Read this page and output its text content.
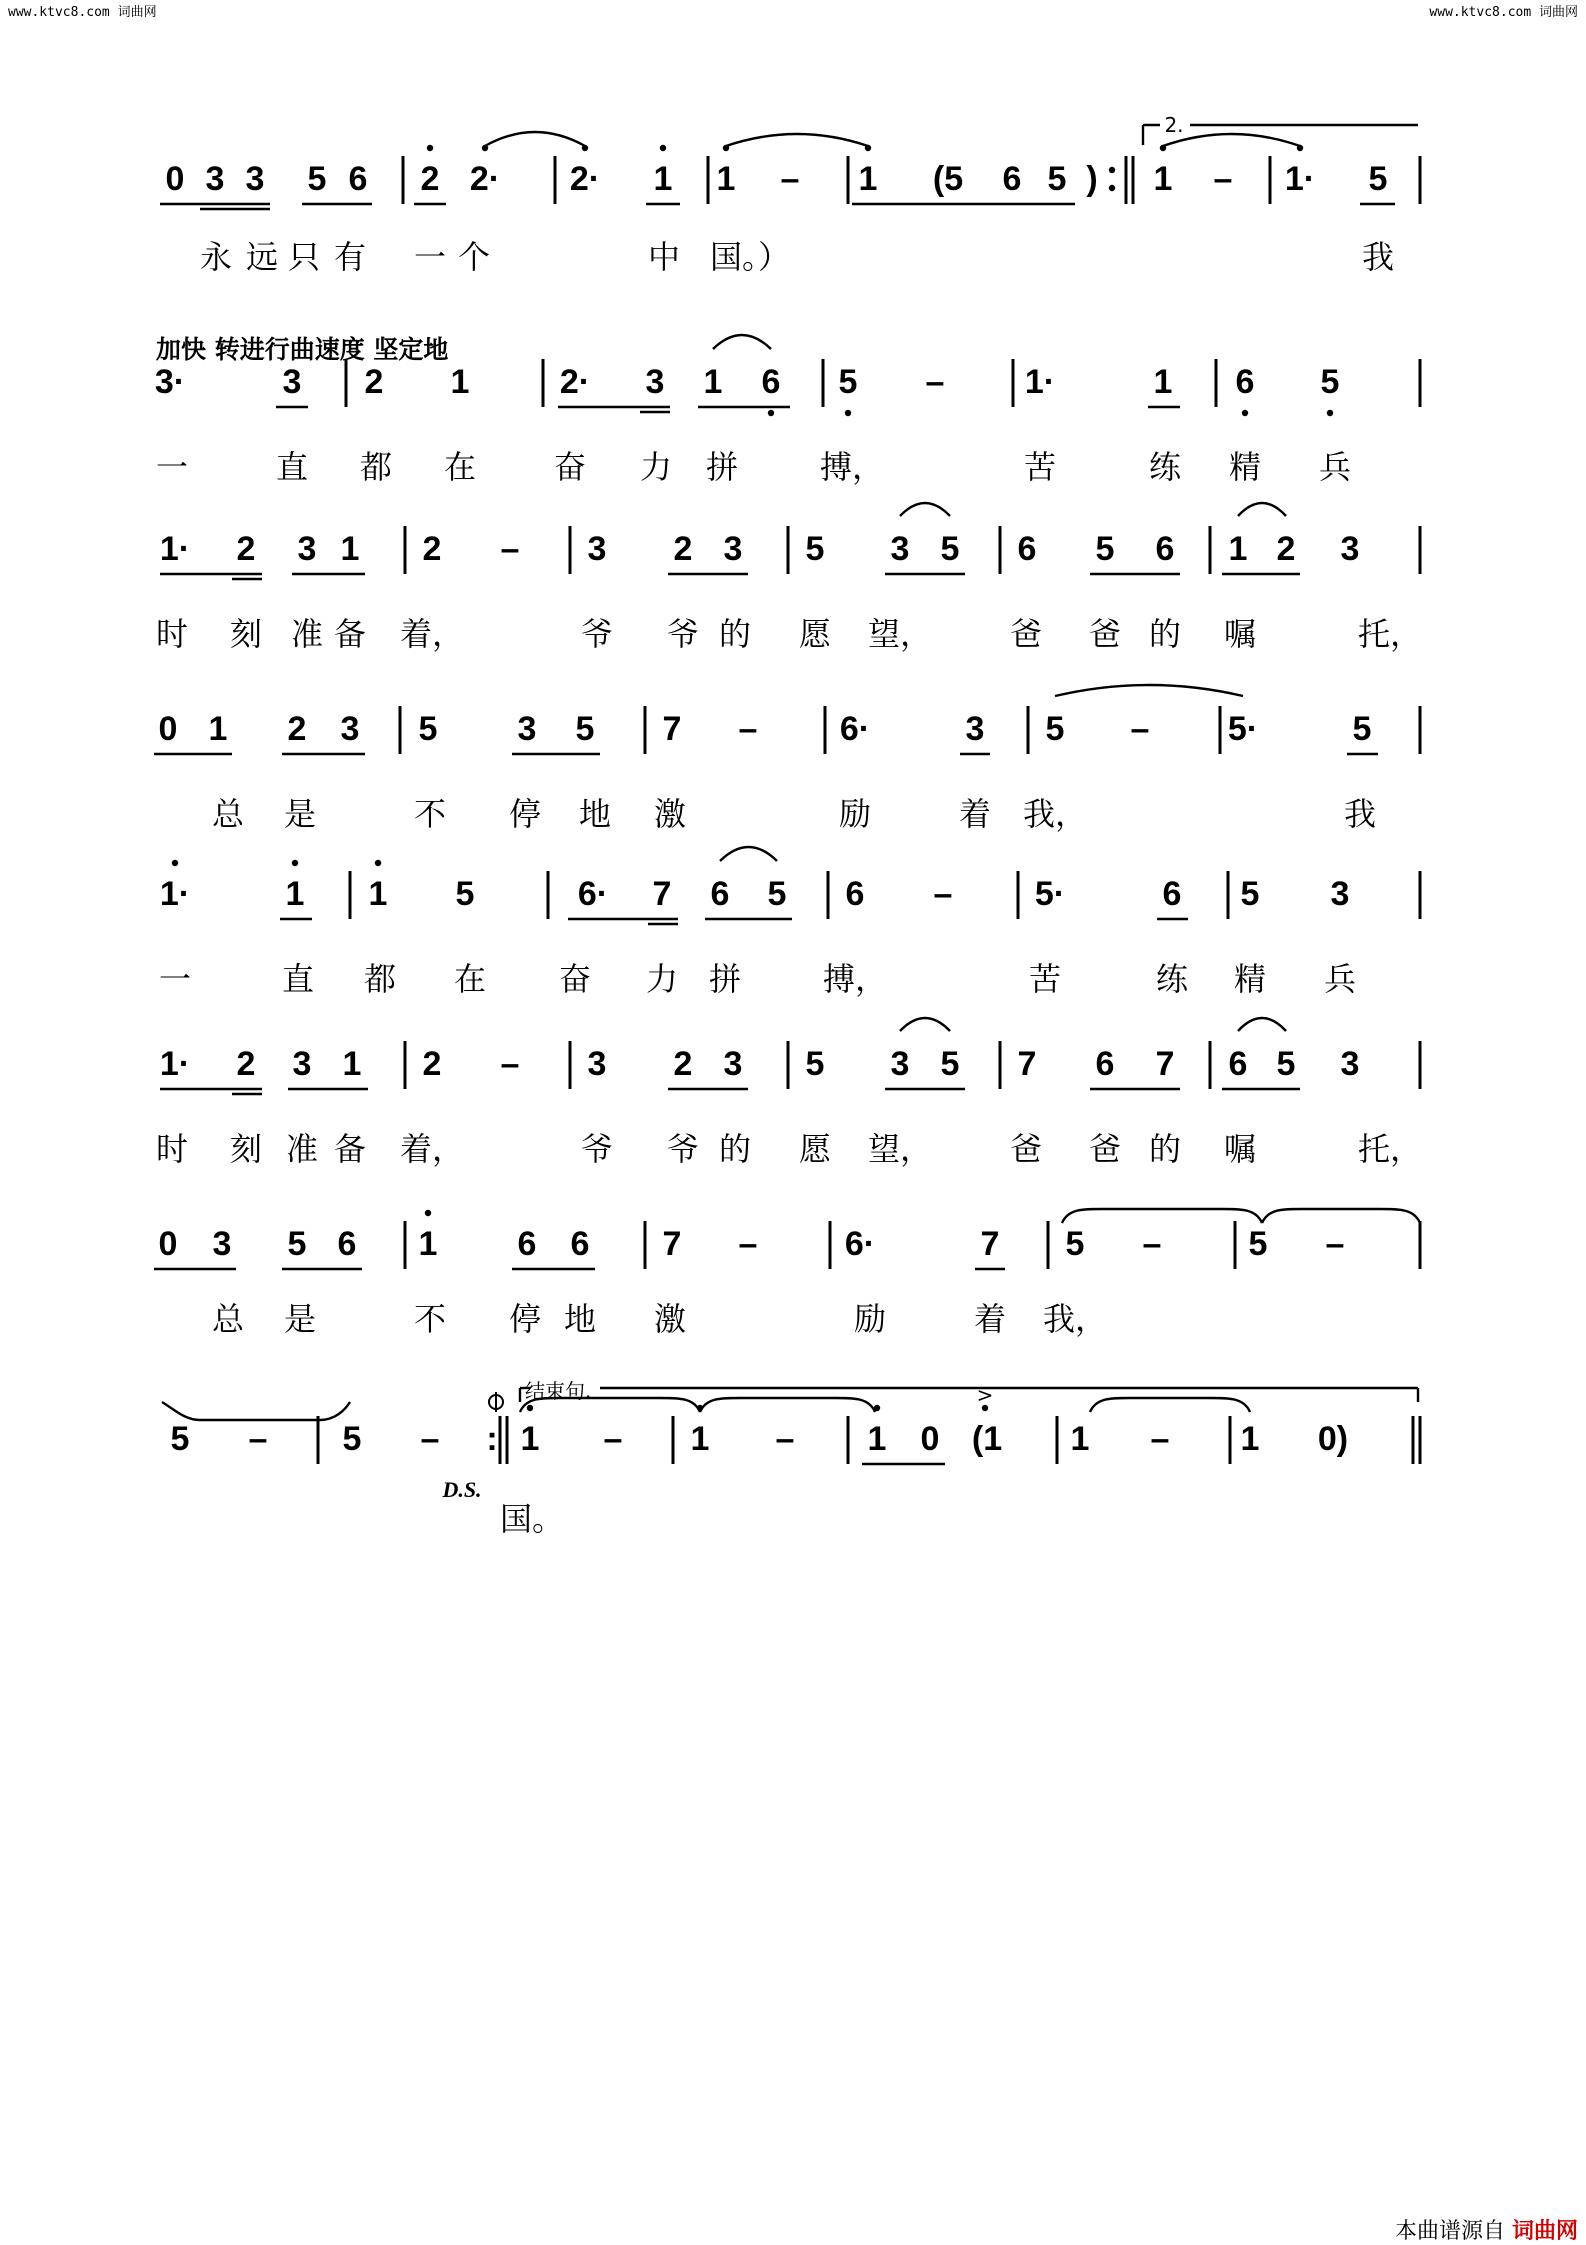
www.ktvc8.com 词曲网	www.ktvc8.com 词曲网
加快 转进行曲速度 坚定地
本曲谱源自 词曲网
0 3 3 5 6 2 2· 2· 1 1 – 1 (5 6 5 ) 1 – 1· 5
永 远 只 有 一 个	中 国。）	我
2.
3·	3 2 1	2· 3 1 6 5 – 1·	1 6 5
一	直 都 在 奋 力 拼	搏，	苦	练 精 兵
1· 2 3 1 2 – 3 2 3 5 3 5 6 5 6 1 2 3
时 刻 准 备 着，	爷 爷 的 愿 望， 爸 爸 的 嘱	托，
0 1 2 3 5 3 5 7 – 6·	3 5 – 5·	5
总 是	不 停 地 激	励	着 我，	我
1·	1 1 5	6· 7 6 5 6 – 5·	6 5 3
一	直 都 在 奋 力 拼	搏，	苦	练 精 兵
1· 2 3 1 2 – 3 2 3 5 3 5 7 6 7 6 5 3
时 刻 准 备 着，	爷 爷 的 愿 望， 爸 爸 的 嘱	托，
0 3 5 6 1 6 6 7 –	6·	7 5 –	5 –
总 是	不 停 地 激	励	着 我，
5 – 5 – : 1 – 1 – 1 0 (1 1 – 1 0)
国。
>
结束句.
D.S.
